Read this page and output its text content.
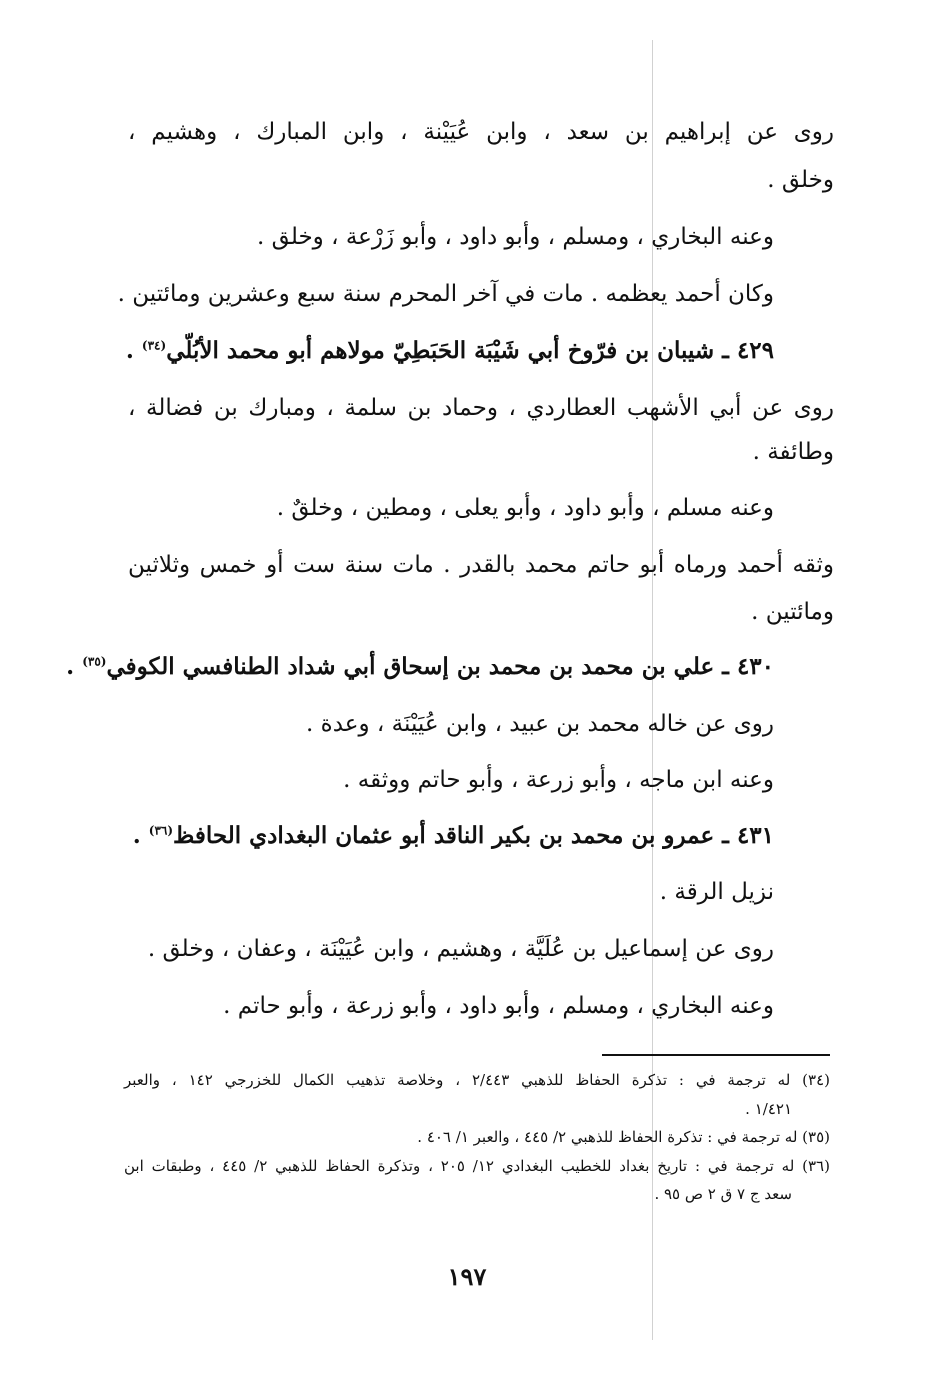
روى عن إبراهيم بن سعد ، وابن عُيَيْنة ، وابن المبارك ، وهشيم ،
وخلق .
وعنه البخاري ، ومسلم ، وأبو داود ، وأبو زَرْعة ، وخلق .
وكان أحمد يعظمه . مات في آخر المحرم سنة سبع وعشرين ومائتين .
٤٢٩ ـ شيبان بن فرّوخ أبي شَيْبَة الحَبَطِيّ مولاهم أبو محمد الأبُلّي$^{(٣٤)}$ .
روى عن أبي الأشهب العطاردي ، وحماد بن سلمة ، ومبارك بن فضالة ،
وطائفة .
وعنه مسلم ، وأبو داود ، وأبو يعلى ، ومطين ، وخلقٌ .
وثقه أحمد ورماه أبو حاتم محمد بالقدر . مات سنة ست أو خمس وثلاثين
ومائتين .
٤٣٠ ـ علي بن محمد بن محمد بن إسحاق أبي شداد الطنافسي الكوفي$^{(٣٥)}$ .
روى عن خاله محمد بن عبيد ، وابن عُيَيْنَة ، وعدة .
وعنه ابن ماجه ، وأبو زرعة ، وأبو حاتم ووثقه .
٤٣١ ـ عمرو بن محمد بن بكير الناقد أبو عثمان البغدادي الحافظ$^{(٣٦)}$ .
نزيل الرقة .
روى عن إسماعيل بن عُلَيَّة ، وهشيم ، وابن عُيَيْنَة ، وعفان ، وخلق .
وعنه البخاري ، ومسلم ، وأبو داود ، وأبو زرعة ، وأبو حاتم .
(٣٤) له ترجمة في : تذكرة الحفاظ للذهبي ٢/٤٤٣ ، وخلاصة تذهيب الكمال للخزرجي ١٤٢ ، والعبر
١/٤٢١ .
(٣٥) له ترجمة في : تذكرة الحفاظ للذهبي ٢/ ٤٤٥ ، والعبر ١/ ٤٠٦ .
(٣٦) له ترجمة في : تاريخ بغداد للخطيب البغدادي ١٢/ ٢٠٥ ، وتذكرة الحفاظ للذهبي ٢/ ٤٤٥ ، وطبقات ابن
سعد ج ٧ ق ٢ ص ٩٥ .
١٩٧
